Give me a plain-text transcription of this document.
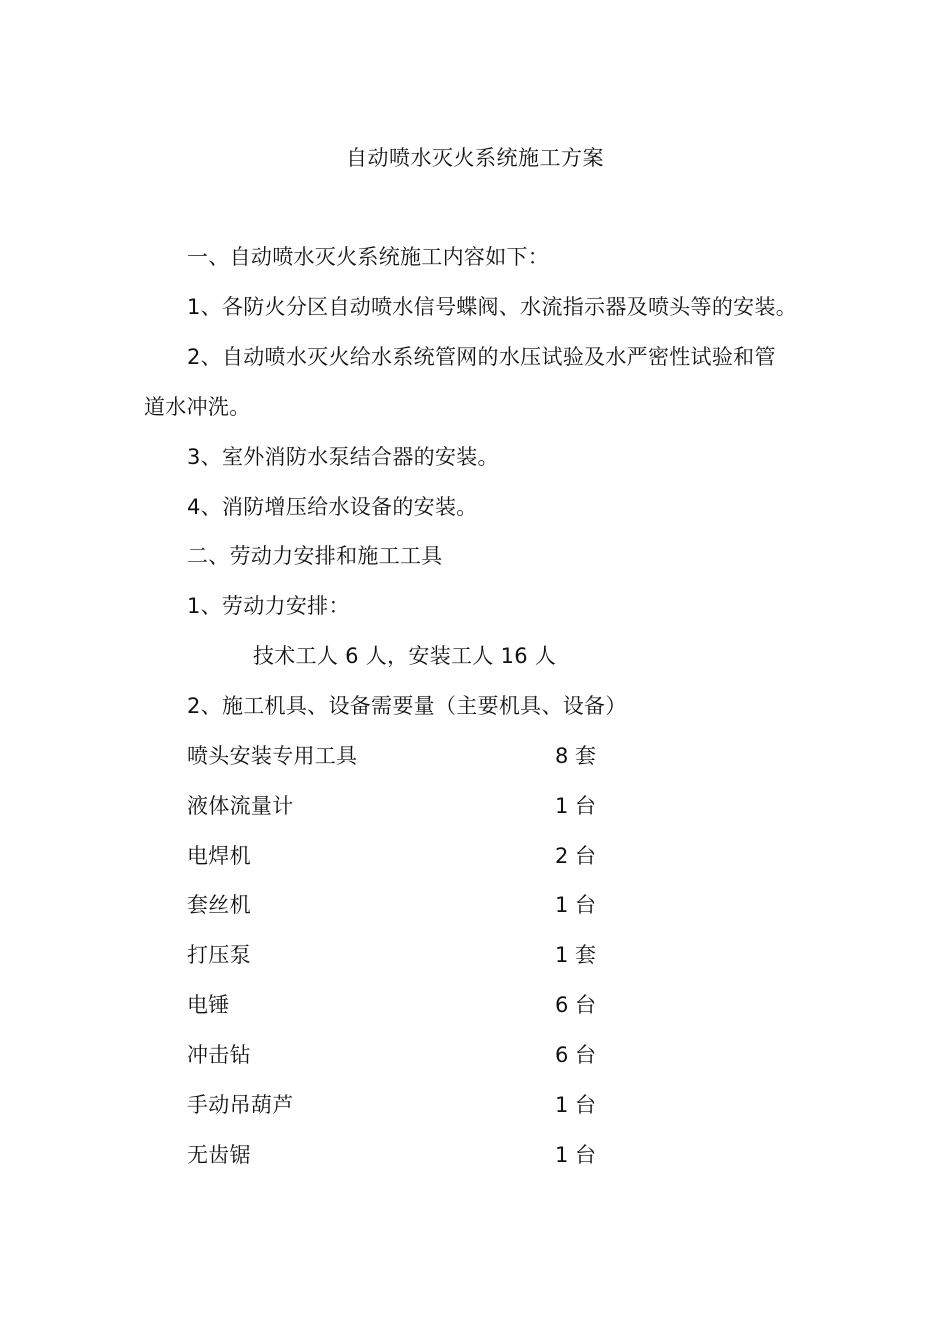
自动喷水灭火系统施工方案
一、自动喷水灭火系统施工内容如下：
1、各防火分区自动喷水信号蝶阀、水流指示器及喷头等的安装。
2、自动喷水灭火给水系统管网的水压试验及水严密性试验和管
道水冲洗。
3、室外消防水泵结合器的安装。
4、消防增压给水设备的安装。
二、劳动力安排和施工工具
1、劳动力安排：
技术工人 6 人，安装工人 16 人
2、施工机具、设备需要量（主要机具、设备）
喷头安装专用工具	8 套
液体流量计	1 台
电焊机	2 台
套丝机	1 台
打压泵	1 套
电锤	6 台
冲击钻	6 台
手动吊葫芦	1 台
无齿锯	1 台
